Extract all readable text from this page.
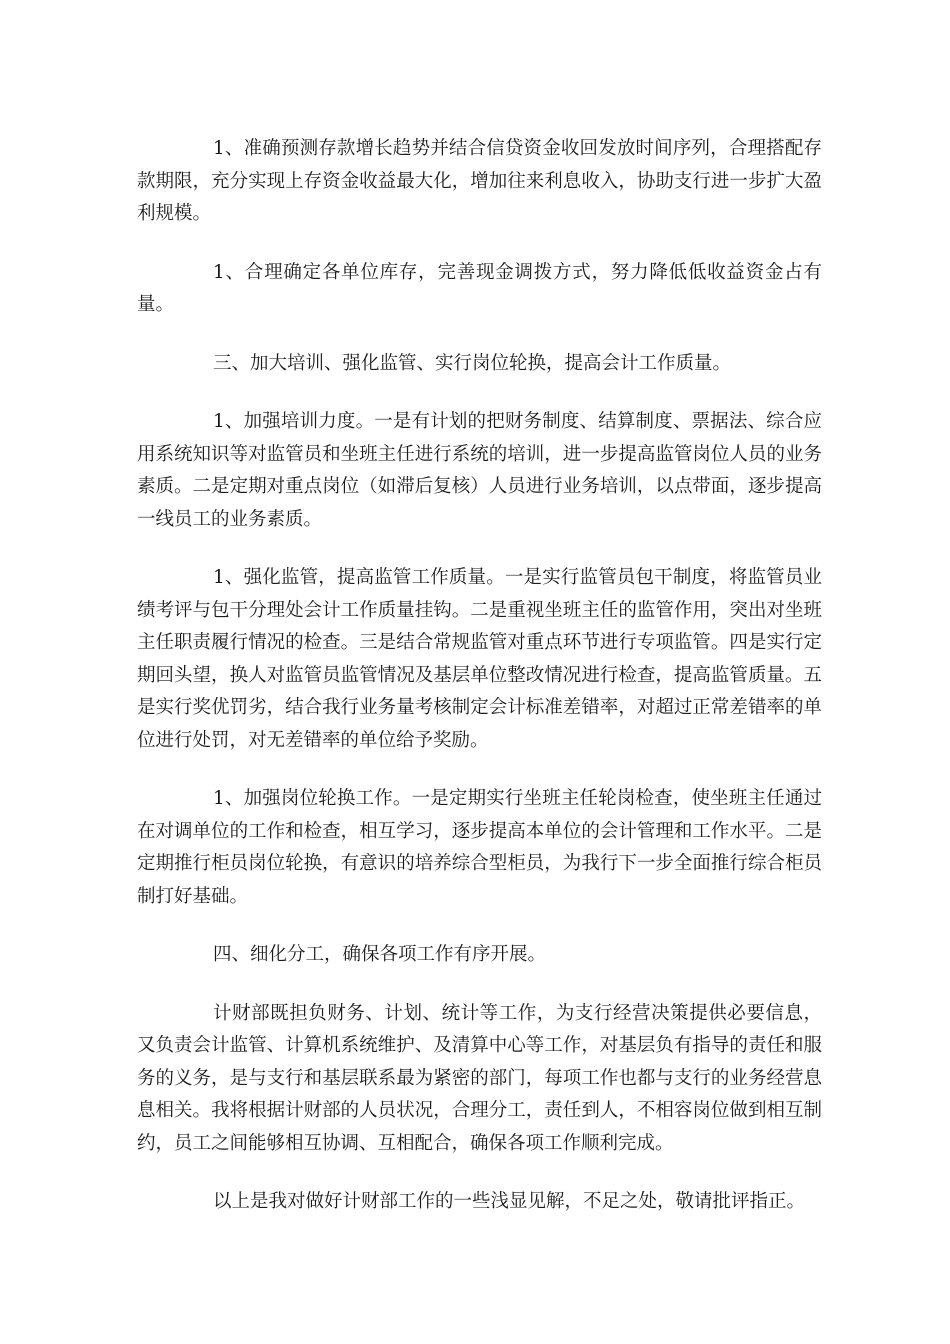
1、准确预测存款增长趋势并结合信贷资金收回发放时间序列，合理搭配存款期限，充分实现上存资金收益最大化，增加往来利息收入，协助支行进一步扩大盈利规模。

1、合理确定各单位库存，完善现金调拨方式，努力降低低收益资金占有量。

三、加大培训、强化监管、实行岗位轮换，提高会计工作质量。

1、加强培训力度。一是有计划的把财务制度、结算制度、票据法、综合应用系统知识等对监管员和坐班主任进行系统的培训，进一步提高监管岗位人员的业务素质。二是定期对重点岗位（如滞后复核）人员进行业务培训，以点带面，逐步提高一线员工的业务素质。

1、强化监管，提高监管工作质量。一是实行监管员包干制度，将监管员业绩考评与包干分理处会计工作质量挂钩。二是重视坐班主任的监管作用，突出对坐班主任职责履行情况的检查。三是结合常规监管对重点环节进行专项监管。四是实行定期回头望，换人对监管员监管情况及基层单位整改情况进行检查，提高监管质量。五是实行奖优罚劣，结合我行业务量考核制定会计标准差错率，对超过正常差错率的单位进行处罚，对无差错率的单位给予奖励。

1、加强岗位轮换工作。一是定期实行坐班主任轮岗检查，使坐班主任通过在对调单位的工作和检查，相互学习，逐步提高本单位的会计管理和工作水平。二是定期推行柜员岗位轮换，有意识的培养综合型柜员，为我行下一步全面推行综合柜员制打好基础。

四、细化分工，确保各项工作有序开展。

计财部既担负财务、计划、统计等工作，为支行经营决策提供必要信息，又负责会计监管、计算机系统维护、及清算中心等工作，对基层负有指导的责任和服务的义务，是与支行和基层联系最为紧密的部门，每项工作也都与支行的业务经营息息相关。我将根据计财部的人员状况，合理分工，责任到人，不相容岗位做到相互制约，员工之间能够相互协调、互相配合，确保各项工作顺利完成。

以上是我对做好计财部工作的一些浅显见解，不足之处，敬请批评指正。
